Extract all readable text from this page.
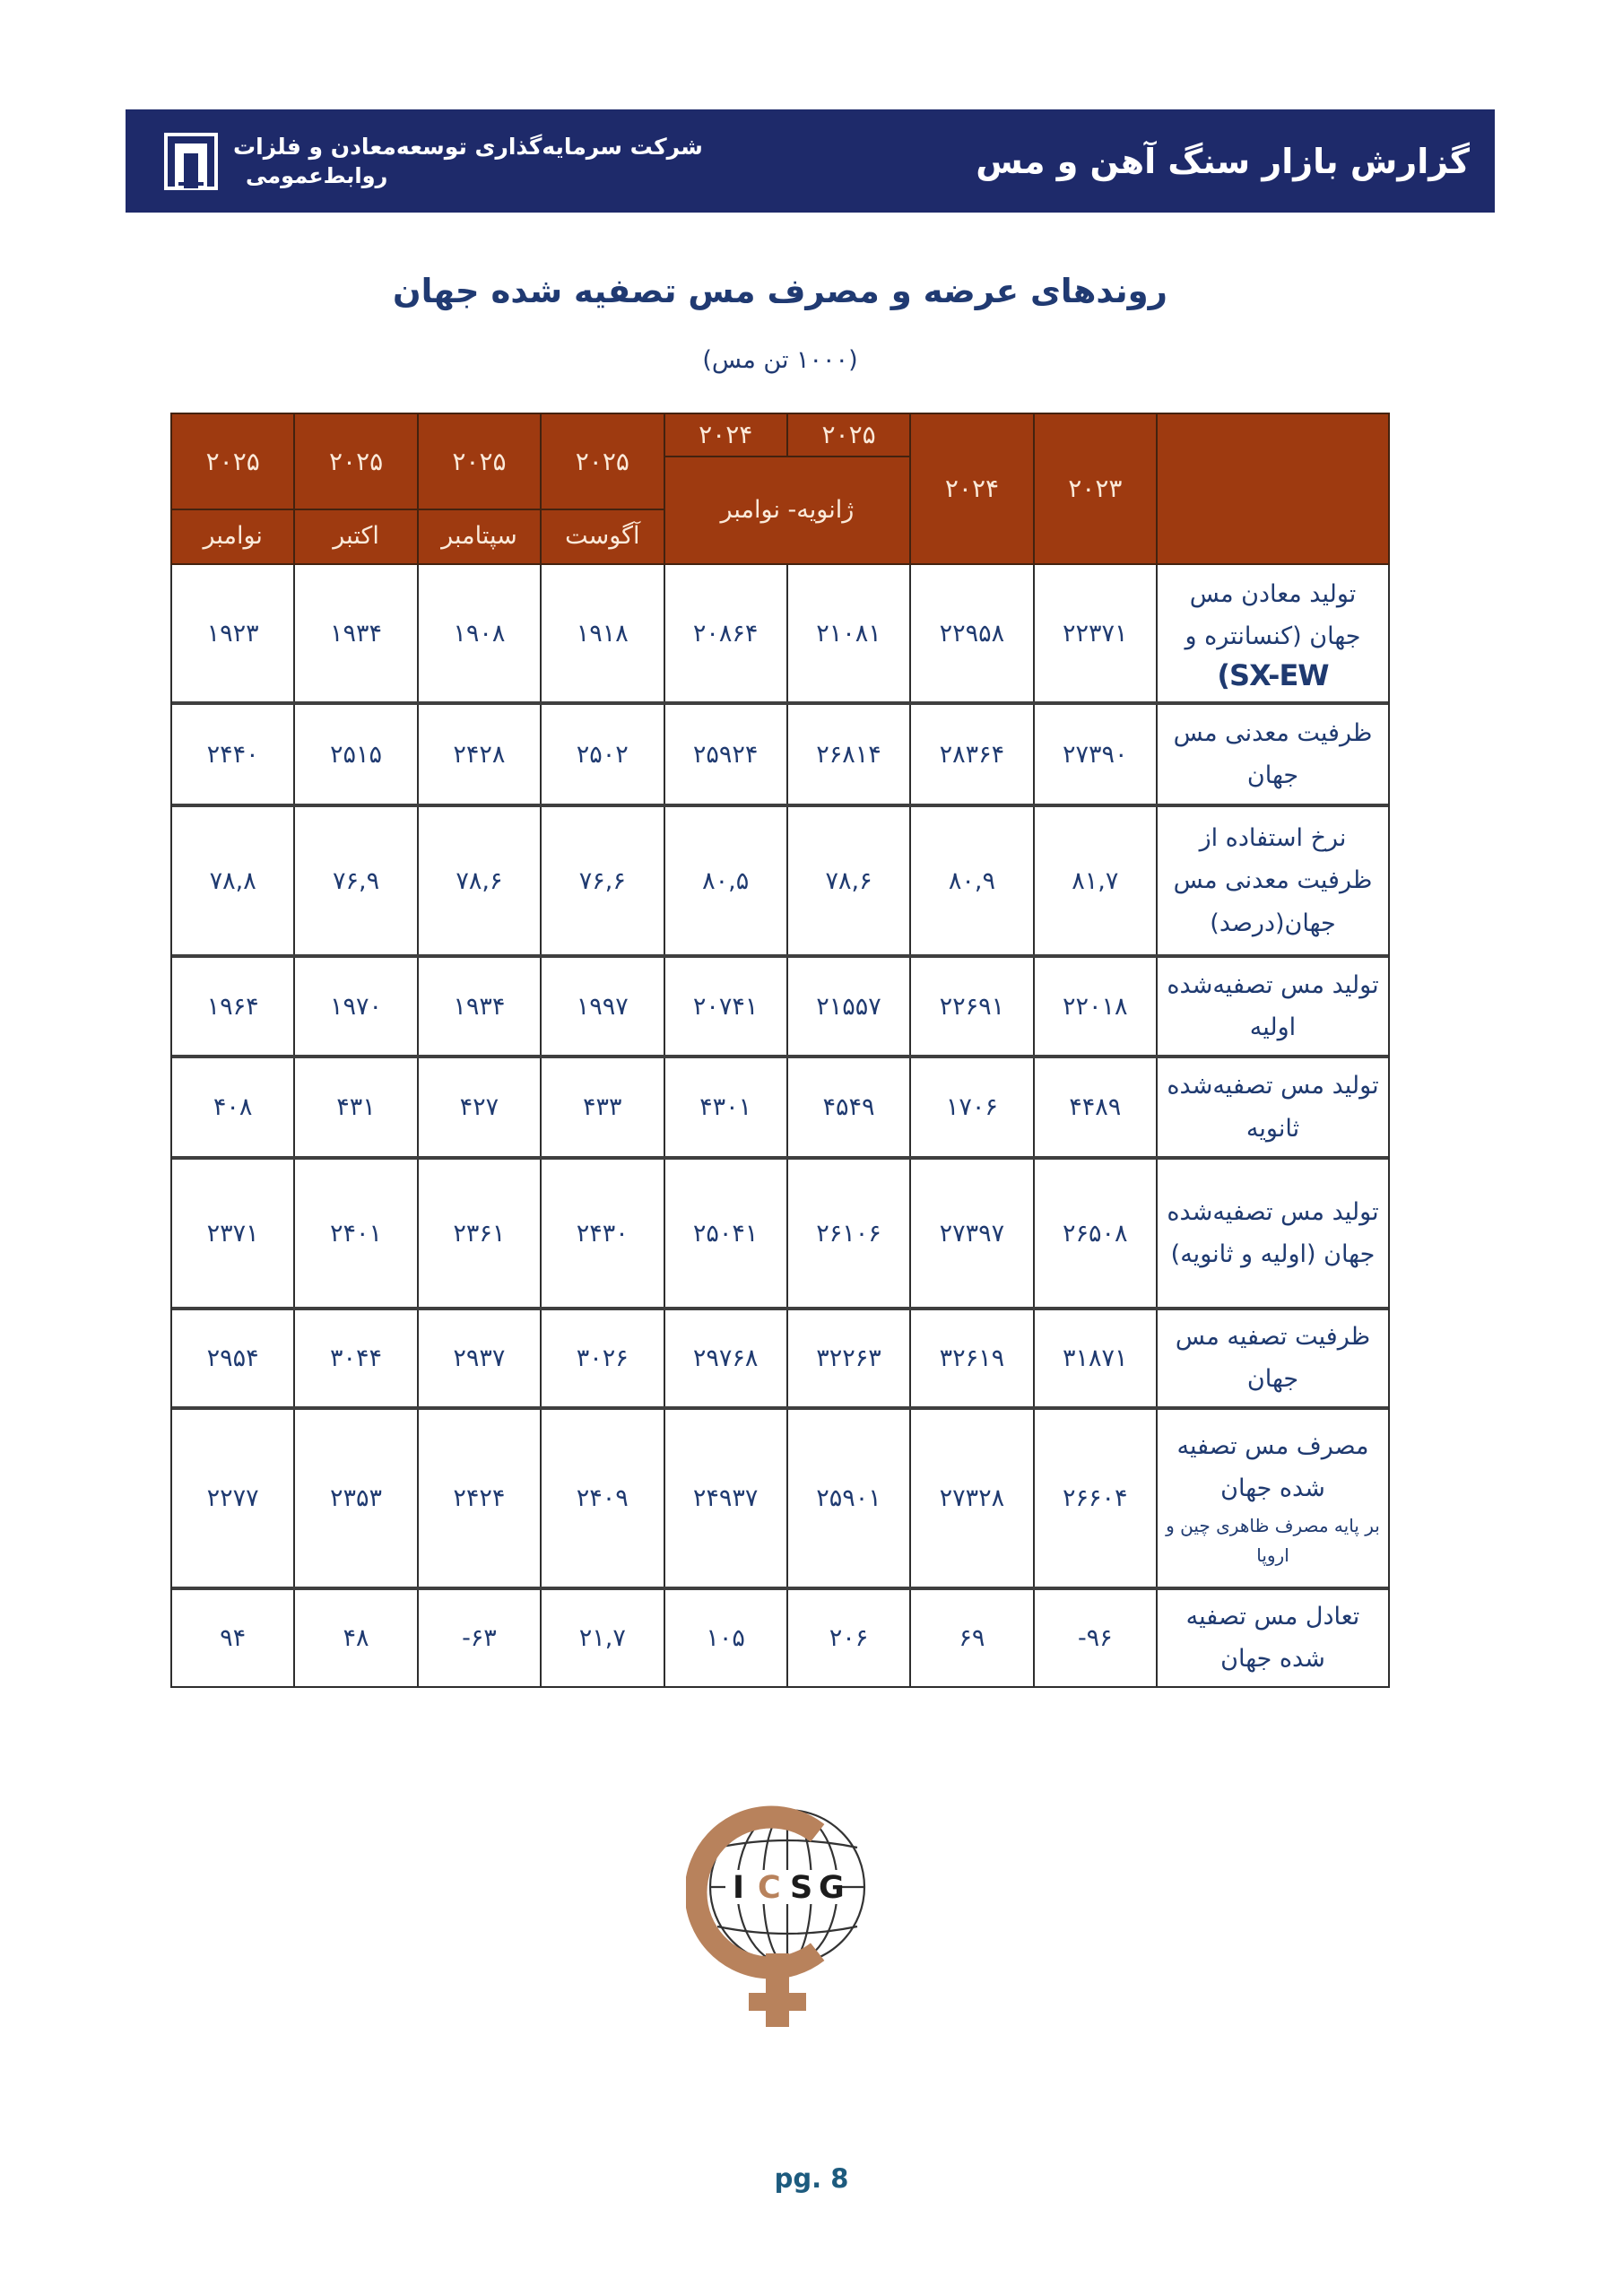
شرکت سرمایه‌گذاری توسعه‌معادن و فلزات
روابط‌عمومی	گزارش بازار سنگ آهن و مس
روندهای عرضه و مصرف مس تصفیه شده جهان
(۱۰۰۰ تن مس)
۲۰۲۳
۲۰۲۴
۲۰۲۵
۲۰۲۴
ژانویه- نوامبر
۲۰۲۵
۲۰۲۵
۲۰۲۵
۲۰۲۵
آگوست
سپتامبر
اکتبر
نوامبر
تولید معادن مس جهان (کنسانتره و
SX-EW)
۲۲۳۷۱
۲۲۹۵۸
۲۱۰۸۱
۲۰۸۶۴
۱۹۱۸
۱۹۰۸
۱۹۳۴
۱۹۲۳
ظرفیت معدنی مس جهان
۲۷۳۹۰
۲۸۳۶۴
۲۶۸۱۴
۲۵۹۲۴
۲۵۰۲
۲۴۲۸
۲۵۱۵
۲۴۴۰
نرخ استفاده از ظرفیت معدنی مس جهان(درصد)
۸۱,۷
۸۰,۹
۷۸,۶
۸۰,۵
۷۶,۶
۷۸,۶
۷۶,۹
۷۸,۸
تولید مس تصفیه‌شده اولیه
۲۲۰۱۸
۲۲۶۹۱
۲۱۵۵۷
۲۰۷۴۱
۱۹۹۷
۱۹۳۴
۱۹۷۰
۱۹۶۴
تولید مس تصفیه‌شده ثانویه
۴۴۸۹
۱۷۰۶
۴۵۴۹
۴۳۰۱
۴۳۳
۴۲۷
۴۳۱
۴۰۸
تولید مس تصفیه‌شده جهان (اولیه و ثانویه)
۲۶۵۰۸
۲۷۳۹۷
۲۶۱۰۶
۲۵۰۴۱
۲۴۳۰
۲۳۶۱
۲۴۰۱
۲۳۷۱
ظرفیت تصفیه مس جهان
۳۱۸۷۱
۳۲۶۱۹
۳۲۲۶۳
۲۹۷۶۸
۳۰۲۶
۲۹۳۷
۳۰۴۴
۲۹۵۴
مصرف مس تصفیه شده جهان
بر پایه مصرف ظاهری چین و اروپا
۲۶۶۰۴
۲۷۳۲۸
۲۵۹۰۱
۲۴۹۳۷
۲۴۰۹
۲۴۲۴
۲۳۵۳
۲۲۷۷
تعادل مس تصفیه شده جهان
-۹۶
۶۹
۲۰۶
۱۰۵
۲۱,۷
-۶۳
۴۸
۹۴
I C S G
pg. 8
